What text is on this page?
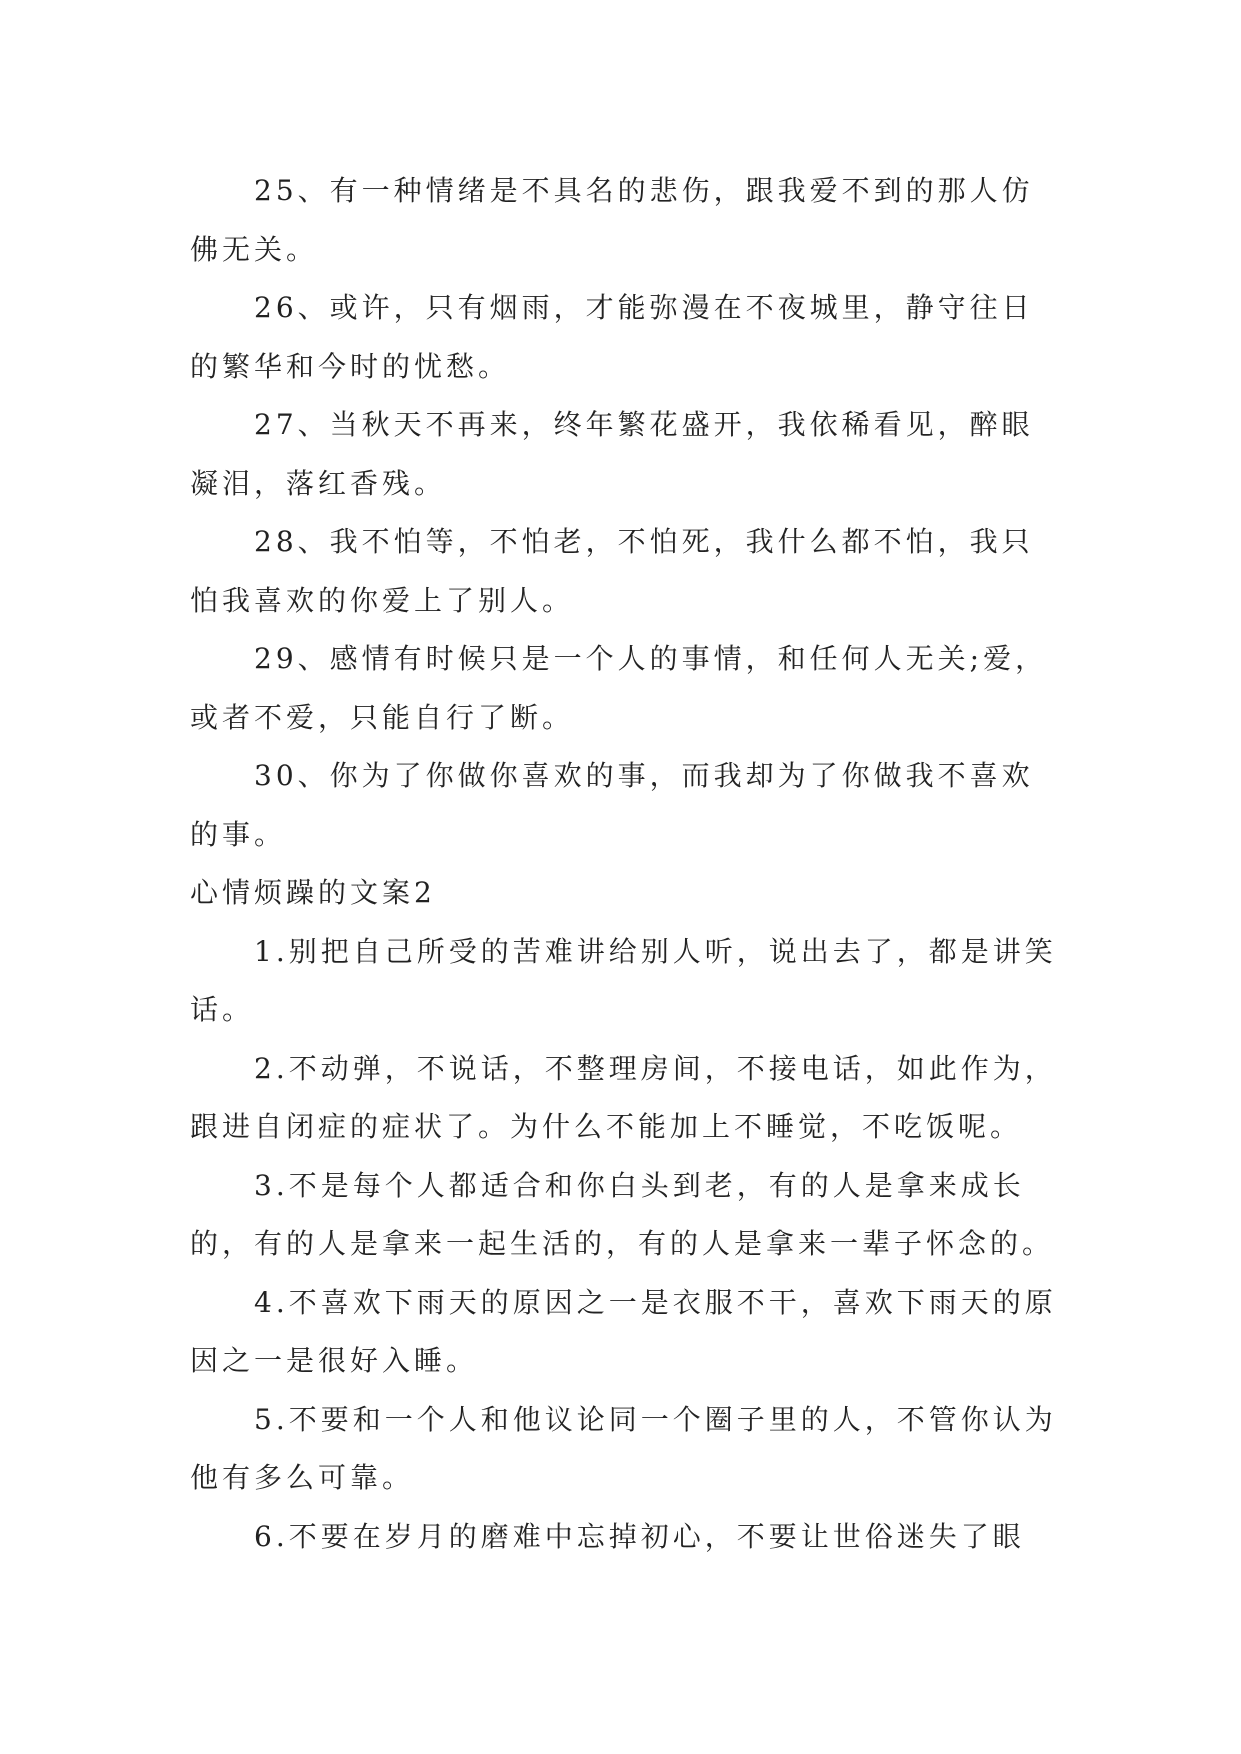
25、有一种情绪是不具名的悲伤，跟我爱不到的那人仿佛无关。

26、或许，只有烟雨，才能弥漫在不夜城里，静守往日的繁华和今时的忧愁。

27、当秋天不再来，终年繁花盛开，我依稀看见，醉眼凝泪，落红香残。

28、我不怕等，不怕老，不怕死，我什么都不怕，我只怕我喜欢的你爱上了别人。

29、感情有时候只是一个人的事情，和任何人无关;爱，或者不爱，只能自行了断。

30、你为了你做你喜欢的事，而我却为了你做我不喜欢的事。

心情烦躁的文案2

1.别把自己所受的苦难讲给别人听，说出去了，都是讲笑话。

2.不动弹，不说话，不整理房间，不接电话，如此作为，跟进自闭症的症状了。为什么不能加上不睡觉，不吃饭呢。

3.不是每个人都适合和你白头到老，有的人是拿来成长的，有的人是拿来一起生活的，有的人是拿来一辈子怀念的。

4.不喜欢下雨天的原因之一是衣服不干，喜欢下雨天的原因之一是很好入睡。

5.不要和一个人和他议论同一个圈子里的人，不管你认为他有多么可靠。

6.不要在岁月的磨难中忘掉初心，不要让世俗迷失了眼
